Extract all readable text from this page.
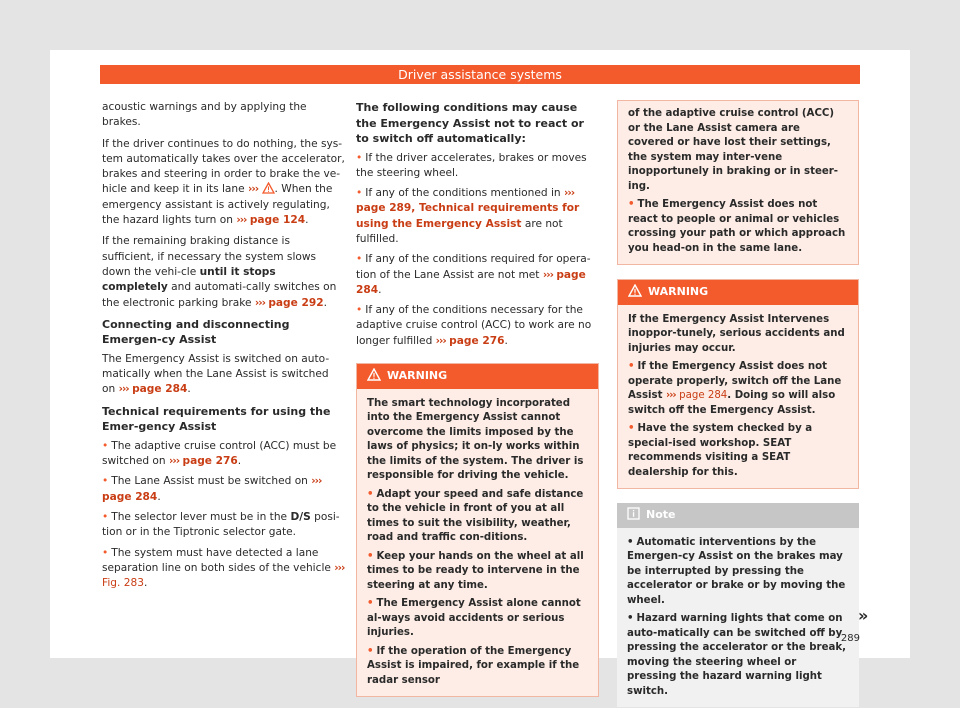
Driver assistance systems

acoustic warnings and by applying the brakes.

If the driver continues to do nothing, the sys-tem automatically takes over the accelerator, brakes and steering in order to brake the ve-hicle and keep it in its lane ››› . When the emergency assistant is actively regulating, the hazard lights turn on ››› page 124.

If the remaining braking distance is sufficient, if necessary the system slows down the vehi-cle until it stops completely and automati-cally switches on the electronic parking brake ››› page 292.

Connecting and disconnecting Emergen-cy Assist

The Emergency Assist is switched on auto-matically when the Lane Assist is switched on ››› page 284.

Technical requirements for using the Emer-gency Assist
• The adaptive cruise control (ACC) must be switched on ››› page 276.
• The Lane Assist must be switched on ››› page 284.
• The selector lever must be in the D/S posi-tion or in the Tiptronic selector gate.
• The system must have detected a lane separation line on both sides of the vehicle ››› Fig. 283.
The following conditions may cause the Emergency Assist not to react or to switch off automatically:
• If the driver accelerates, brakes or moves the steering wheel.
• If any of the conditions mentioned in ››› page 289, Technical requirements for using the Emergency Assist are not fulfilled.
• If any of the conditions required for opera-tion of the Lane Assist are not met ››› page 284.
• If any of the conditions necessary for the adaptive cruise control (ACC) to work are no longer fulfilled ››› page 276.
WARNING
The smart technology incorporated into the Emergency Assist cannot overcome the limits imposed by the laws of physics; it on-ly works within the limits of the system. The driver is responsible for driving the vehicle.
• Adapt your speed and safe distance to the vehicle in front of you at all times to suit the visibility, weather, road and traffic con-ditions.
• Keep your hands on the wheel at all times to be ready to intervene in the steering at any time.
• The Emergency Assist alone cannot al-ways avoid accidents or serious injuries.
• If the operation of the Emergency Assist is impaired, for example if the radar sensor
of the adaptive cruise control (ACC) or the Lane Assist camera are covered or have lost their settings, the system may inter-vene inopportunely in braking or in steer-ing.
• The Emergency Assist does not react to people or animal or vehicles crossing your path or which approach you head-on in the same lane.
WARNING
If the Emergency Assist Intervenes inoppor-tunely, serious accidents and injuries may occur.
• If the Emergency Assist does not operate properly, switch off the Lane Assist ››› page 284. Doing so will also switch off the Emergency Assist.
• Have the system checked by a special-ised workshop. SEAT recommends visiting a SEAT dealership for this.
Note
• Automatic interventions by the Emergen-cy Assist on the brakes may be interrupted by pressing the accelerator or brake or by moving the wheel.
• Hazard warning lights that come on auto-matically can be switched off by pressing the accelerator or the break, moving the steering wheel or pressing the hazard warning light switch.
»
289
